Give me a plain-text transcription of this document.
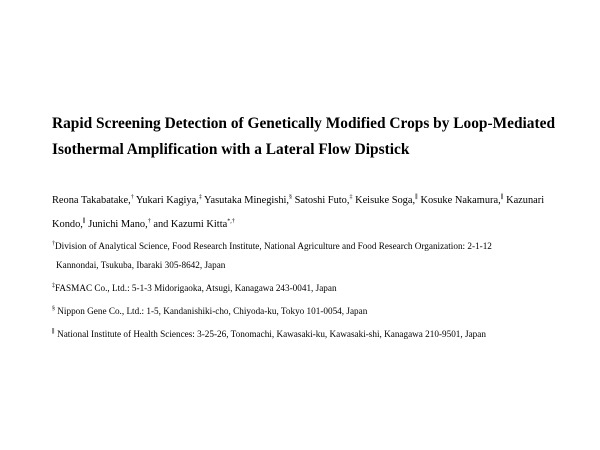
Rapid Screening Detection of Genetically Modified Crops by Loop-Mediated
Isothermal Amplification with a Lateral Flow Dipstick
Reona Takabatake,† Yukari Kagiya,‡ Yasutaka Minegishi,§ Satoshi Futo,‡ Keisuke Soga,∥ Kosuke Nakamura,∥ Kazunari
Kondo,∥ Junichi Mano,† and Kazumi Kitta*,†
†Division of Analytical Science, Food Research Institute, National Agriculture and Food Research Organization: 2-1-12
Kannondai, Tsukuba, Ibaraki 305-8642, Japan
‡FASMAC Co., Ltd.: 5-1-3 Midorigaoka, Atsugi, Kanagawa 243-0041, Japan
§ Nippon Gene Co., Ltd.: 1-5, Kandanishiki-cho, Chiyoda-ku, Tokyo 101-0054, Japan
∥ National Institute of Health Sciences: 3-25-26, Tonomachi, Kawasaki-ku, Kawasaki-shi, Kanagawa 210-9501, Japan
